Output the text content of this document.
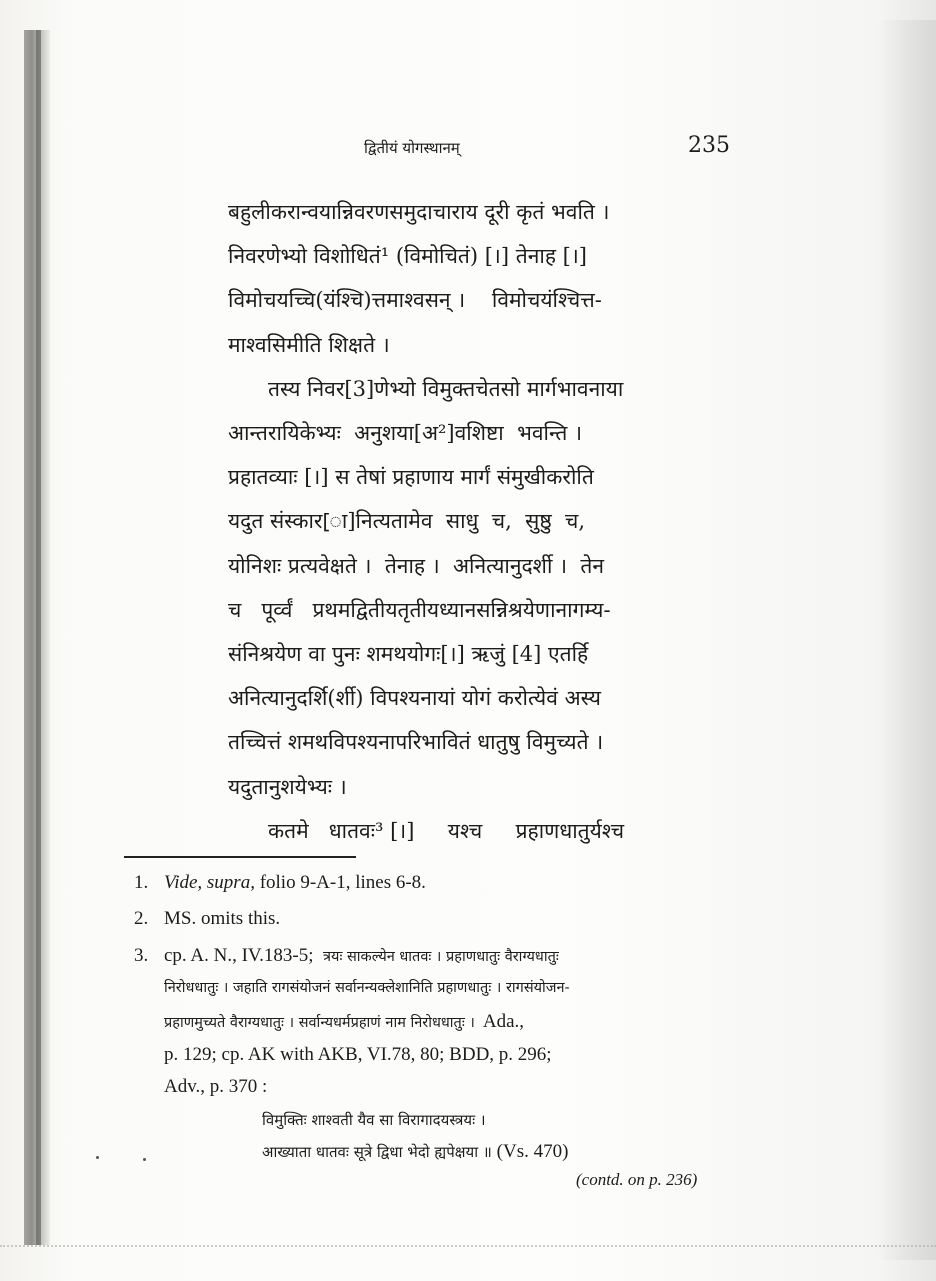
द्वितीयं योगस्थानम्	235
बहुलीकरान्वयान्निवरणसमुदाचाराय दूरी कृतं भवति ।
निवरणेभ्यो विशोधितं¹ (विमोचितं) [।] तेनाह [।]
विमोचयच्चि(यंश्चि)त्तमाश्वसन् ।    विमोचयंश्चित्त-
माश्वसिमीति शिक्षते ।
तस्य निवर[3]णेभ्यो विमुक्तचेतसो मार्गभावनाया
आन्तरायिकेभ्यः  अनुशया[अ²]वशिष्टा  भवन्ति ।
प्रहातव्याः [।] स तेषां प्रहाणाय मार्गं संमुखीकरोति
यदुत संस्कार[ा]नित्यतामेव  साधु  च,  सुष्ठु  च,
योनिशः प्रत्यवेक्षते ।  तेनाह ।  अनित्यानुदर्शी ।  तेन
च   पूर्व्वं   प्रथमद्वितीयतृतीयध्यानसन्निश्रयेणानागम्य-
संनिश्रयेण वा पुनः शमथयोगः[।] ऋजुं [4] एतर्हि
अनित्यानुदर्शि(र्शी) विपश्यनायां योगं करोत्येवं अस्य
तच्चित्तं शमथविपश्यनापरिभावितं धातुषु विमुच्यते ।
यदुतानुशयेभ्यः ।
कतमे   धातवः³ [।]     यश्च     प्रहाणधातुर्यश्च
1. Vide, supra, folio 9-A-1, lines 6-8.
2. MS. omits this.
3. cp. A. N., IV.183-5; त्रयः साकल्येन धातवः । प्रहाणधातुः वैराग्यधातुः
निरोधधातुः । जहाति रागसंयोजनं सर्वानन्यक्लेशानिति प्रहाणधातुः । रागसंयोजन-
प्रहाणमुच्यते वैराग्यधातुः । सर्वान्यधर्मप्रहाणं नाम निरोधधातुः । Ada.,
p. 129; cp. AK with AKB, VI.78, 80; BDD, p. 296;
Adv., p. 370 :
विमुक्तिः शाश्वती यैव सा विरागादयस्त्रयः ।
आख्याता धातवः सूत्रे द्विधा भेदो ह्यपेक्षया ॥ (Vs. 470)
(contd. on p. 236)
